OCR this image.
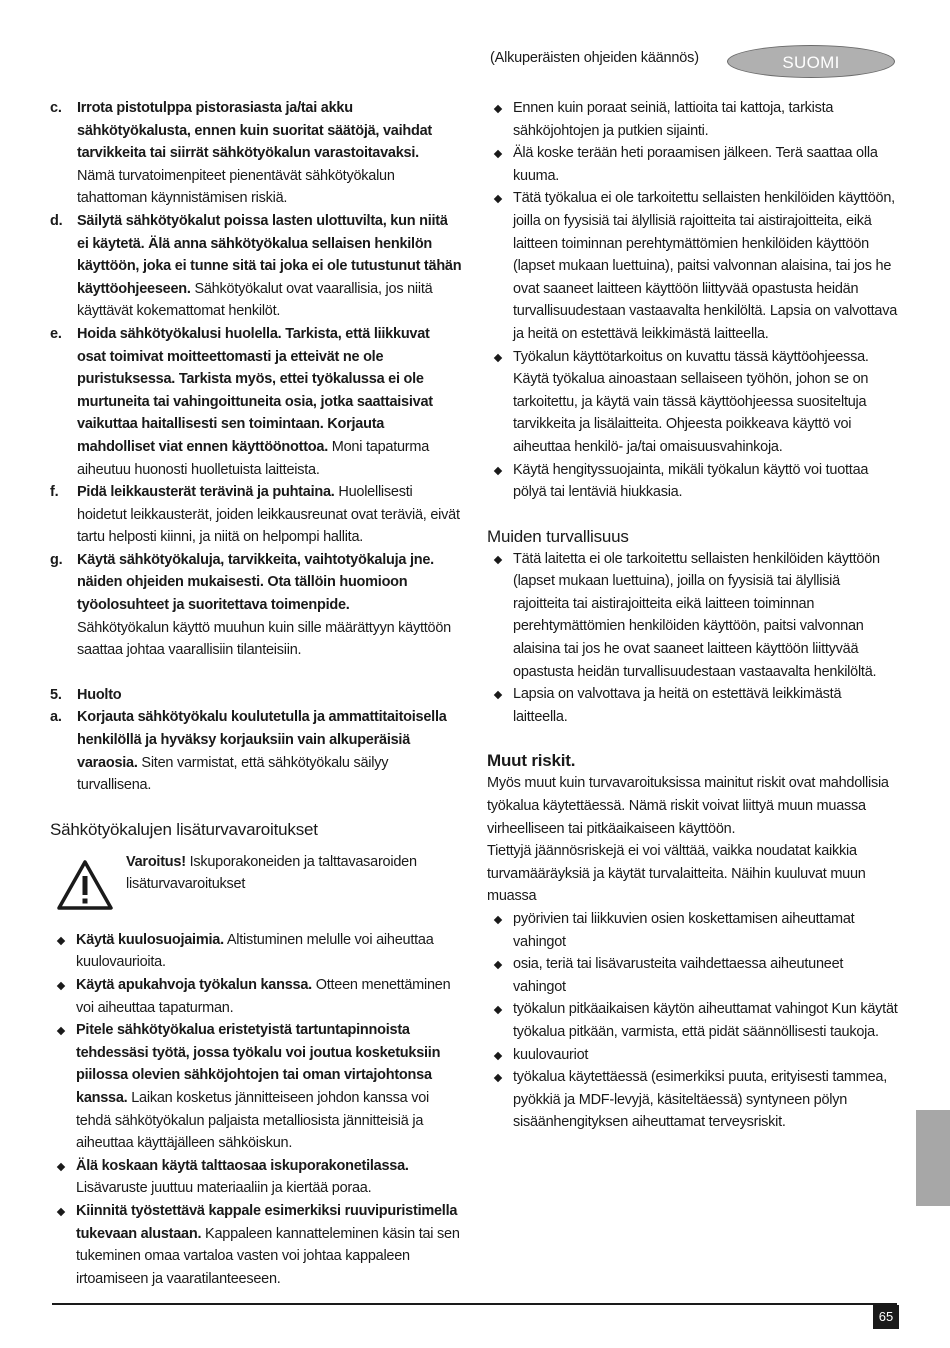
(Alkuperäisten ohjeiden käännös)	SUOMI
c. Irrota pistotulppa pistorasiasta ja/tai akku sähkötyökalusta, ennen kuin suoritat säätöjä, vaihdat tarvikkeita tai siirrät sähkötyökalun varastoitavaksi.
Nämä turvatoimenpiteet pienentävät sähkötyökalun tahattoman käynnistämisen riskiä.

d. Säilytä sähkötyökalut poissa lasten ulottuvilta, kun niitä ei käytetä. Älä anna sähkötyökalua sellaisen henkilön käyttöön, joka ei tunne sitä tai joka ei ole tutustunut tähän käyttöohjeeseen. Sähkötyökalut ovat vaarallisia, jos niitä käyttävät kokemattomat henkilöt.

e. Hoida sähkötyökalusi huolella. Tarkista, että liikkuvat osat toimivat moitteettomasti ja etteivät ne ole puristuksessa. Tarkista myös, ettei työkalussa ei ole murtuneita tai vahingoittuneita osia, jotka saattaisivat vaikuttaa haitallisesti sen toimintaan. Korjauta mahdolliset viat ennen käyttöönottoa. Moni tapaturma aiheutuu huonosti huolletuista laitteista.

f. Pidä leikkausterät terävinä ja puhtaina. Huolellisesti hoidetut leikkausterät, joiden leikkausreunat ovat teräviä, eivät tartu helposti kiinni, ja niitä on helpompi hallita.

g. Käytä sähkötyökaluja, tarvikkeita, vaihtotyökaluja jne. näiden ohjeiden mukaisesti. Ota tällöin huomioon työolosuhteet ja suoritettava toimenpide.
Sähkötyökalun käyttö muuhun kuin sille määrättyyn käyttöön saattaa johtaa vaarallisiin tilanteisiin.

5. Huolto

a. Korjauta sähkötyökalu koulutetulla ja ammattitaitoisella henkilöllä ja hyväksy korjauksiin vain alkuperäisiä varaosia. Siten varmistat, että sähkötyökalu säilyy turvallisena.

Sähkötyökalujen lisäturvavaroitukset

Varoitus! Iskuporakoneiden ja talttavasaroiden lisäturvavaroitukset

Käytä kuulosuojaimia. Altistuminen melulle voi aiheuttaa kuulovaurioita.

Käytä apukahvoja työkalun kanssa. Otteen menettäminen voi aiheuttaa tapaturman.

Pitele sähkötyökalua eristetyistä tartuntapinnoista tehdessäsi työtä, jossa työkalu voi joutua kosketuksiin piilossa olevien sähköjohtojen tai oman virtajohtonsa kanssa. Laikan kosketus jännitteiseen johdon kanssa voi tehdä sähkötyökalun paljaista metalliosista jännitteisiä ja aiheuttaa käyttäjälleen sähköiskun.

Älä koskaan käytä talttaosaa iskuporakonetilassa.
Lisävaruste juuttuu materiaaliin ja kiertää poraa.

Kiinnitä työstettävä kappale esimerkiksi ruuvipuristimella tukevaan alustaan. Kappaleen kannatteleminen käsin tai sen tukeminen omaa vartaloa vasten voi johtaa kappaleen irtoamiseen ja vaaratilanteeseen.

Ennen kuin poraat seiniä, lattioita tai kattoja, tarkista sähköjohtojen ja putkien sijainti.

Älä koske terään heti poraamisen jälkeen. Terä saattaa olla kuuma.

Tätä työkalua ei ole tarkoitettu sellaisten henkilöiden käyttöön, joilla on fyysisiä tai älyllisiä rajoitteita tai aistirajoitteita, eikä laitteen toiminnan perehtymättömien henkilöiden käyttöön (lapset mukaan luettuina), paitsi valvonnan alaisina, tai jos he ovat saaneet laitteen käyttöön liittyvää opastusta heidän turvallisuudestaan vastaavalta henkilöltä. Lapsia on valvottava ja heitä on estettävä leikkimästä laitteella.

Työkalun käyttötarkoitus on kuvattu tässä käyttöohjeessa. Käytä työkalua ainoastaan sellaiseen työhön, johon se on tarkoitettu, ja käytä vain tässä käyttöohjeessa suositeltuja tarvikkeita ja lisälaitteita. Ohjeesta poikkeava käyttö voi aiheuttaa henkilö- ja/tai omaisuusvahinkoja.

Käytä hengityssuojainta, mikäli työkalun käyttö voi tuottaa pölyä tai lentäviä hiukkasia.

Muiden turvallisuus

Tätä laitetta ei ole tarkoitettu sellaisten henkilöiden käyttöön (lapset mukaan luettuina), joilla on fyysisiä tai älyllisiä rajoitteita tai aistirajoitteita eikä laitteen toiminnan perehtymättömien henkilöiden käyttöön, paitsi valvonnan alaisina tai jos he ovat saaneet laitteen käyttöön liittyvää opastusta heidän turvallisuudestaan vastaavalta henkilöltä.

Lapsia on valvottava ja heitä on estettävä leikkimästä laitteella.

Muut riskit.

Myös muut kuin turvavaroituksissa mainitut riskit ovat mahdollisia työkalua käytettäessä. Nämä riskit voivat liittyä muun muassa virheelliseen tai pitkäaikaiseen käyttöön.

Tiettyjä jäännösriskejä ei voi välttää, vaikka noudatat kaikkia turvamääräyksiä ja käytät turvalaitteita. Näihin kuuluvat muun muassa

pyörivien tai liikkuvien osien koskettamisen aiheuttamat vahingot

osia, teriä tai lisävarusteita vaihdettaessa aiheutuneet vahingot

työkalun pitkäaikaisen käytön aiheuttamat vahingot Kun käytät työkalua pitkään, varmista, että pidät säännöllisesti taukoja.

kuulovauriot

työkalua käytettäessä (esimerkiksi puuta, erityisesti tammea, pyökkiä ja MDF-levyjä, käsiteltäessä) syntyneen pölyn sisäänhengityksen aiheuttamat terveysriskit.

65
